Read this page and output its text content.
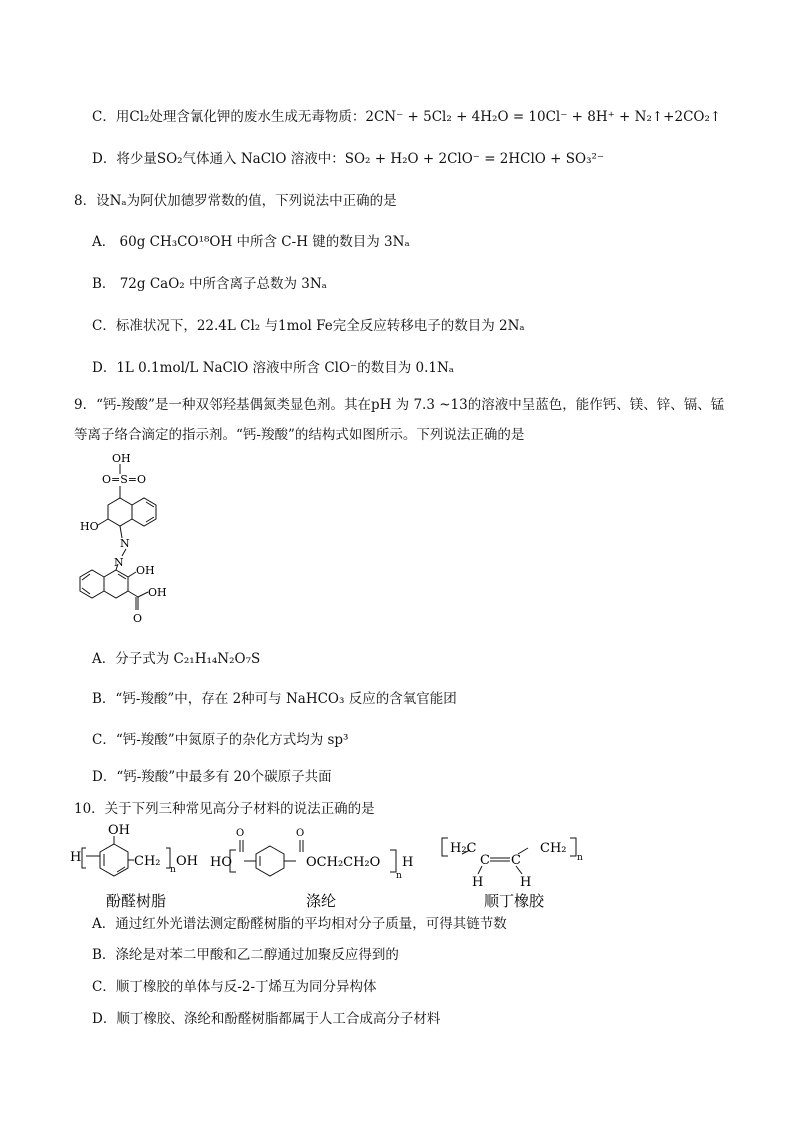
C．用Cl₂处理含氰化钾的废水生成无毒物质：2CN⁻ + 5Cl₂ + 4H₂O = 10Cl⁻ + 8H⁺ + N₂↑+2CO₂↑
D．将少量SO₂气体通入 NaClO 溶液中：SO₂ + H₂O + 2ClO⁻ = 2HClO + SO₃²⁻
8．设Nₐ为阿伏加德罗常数的值，下列说法中正确的是
A． 60g CH₃CO¹⁸OH 中所含 C-H 键的数目为 3Nₐ
B． 72g CaO₂ 中所含离子总数为 3Nₐ
C．标准状况下，22.4L Cl₂ 与1mol Fe完全反应转移电子的数目为 2Nₐ
D．1L 0.1mol/L NaClO 溶液中所含 ClO⁻的数目为 0.1Nₐ
9．“钙-羧酸”是一种双邻羟基偶氮类显色剂。其在pH 为 7.3 ~13的溶液中呈蓝色，能作钙、镁、锌、镉、锰
等离子络合滴定的指示剂。“钙-羧酸”的结构式如图所示。下列说法正确的是
OH
O=S=O
HO
N
N
OH
OH
O
A．分子式为 C₂₁H₁₄N₂O₇S
B．“钙-羧酸”中，存在 2种可与 NaHCO₃ 反应的含氧官能团
C．“钙-羧酸”中氮原子的杂化方式均为 sp³
D．“钙-羧酸”中最多有 20个碳原子共面
10．关于下列三种常见高分子材料的说法正确的是
OH
H	CH₂
n
OH
酚醛树脂
HO
O	O
OCH₂CH₂O
n
H
涤纶
H₂C
C C
CH₂
H	H
n
顺丁橡胶
A．通过红外光谱法测定酚醛树脂的平均相对分子质量，可得其链节数
B．涤纶是对苯二甲酸和乙二醇通过加聚反应得到的
C．顺丁橡胶的单体与反-2-丁烯互为同分异构体
D．顺丁橡胶、涤纶和酚醛树脂都属于人工合成高分子材料
